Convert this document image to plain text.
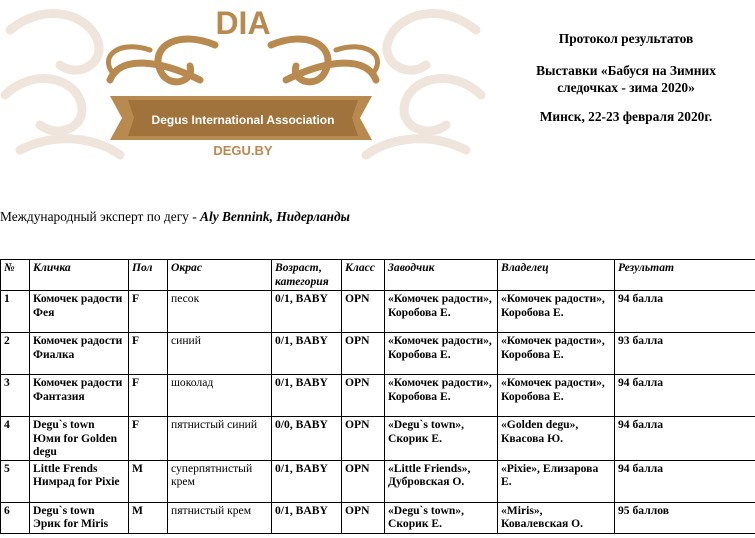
DIA
Degus International Association
DEGU.BY
Протокол результатов
Выставки «Бабуся на Зимних следочках - зима 2020»
Минск, 22-23 февраля 2020г.
Международный эксперт по дегу - Aly Bennink, Нидерланды
№	Кличка	Пол	Окрас	Возраст, категория	Класс	Заводчик	Владелец	Результат
1	Комочек радости Фея	F	песок	0/1, BABY	OPN	«Комочек радости», Коробова Е.	«Комочек радости», Коробова Е.	94 балла
2	Комочек радости Фиалка	F	синий	0/1, BABY	OPN	«Комочек радости», Коробова Е.	«Комочек радости», Коробова Е.	93 балла
3	Комочек радости Фантазия	F	шоколад	0/1, BABY	OPN	«Комочек радости», Коробова Е.	«Комочек радости», Коробова Е.	94 балла
4	Degu`s town Юми for Golden degu	F	пятнистый синий	0/0, BABY	OPN	«Degu`s town», Скорик Е.	«Golden degu», Квасова Ю.	94 балла
5	Little Frends Нимрад for Pixie	M	суперпятнистый крем	0/1, BABY	OPN	«Little Friends», Дубровская О.	«Pixie», Елизарова Е.	94 балла
6	Degu`s town Эрик for Miris	M	пятнистый крем	0/1, BABY	OPN	«Degu`s town», Скорик Е.	«Miris», Ковалевская О.	95 баллов
